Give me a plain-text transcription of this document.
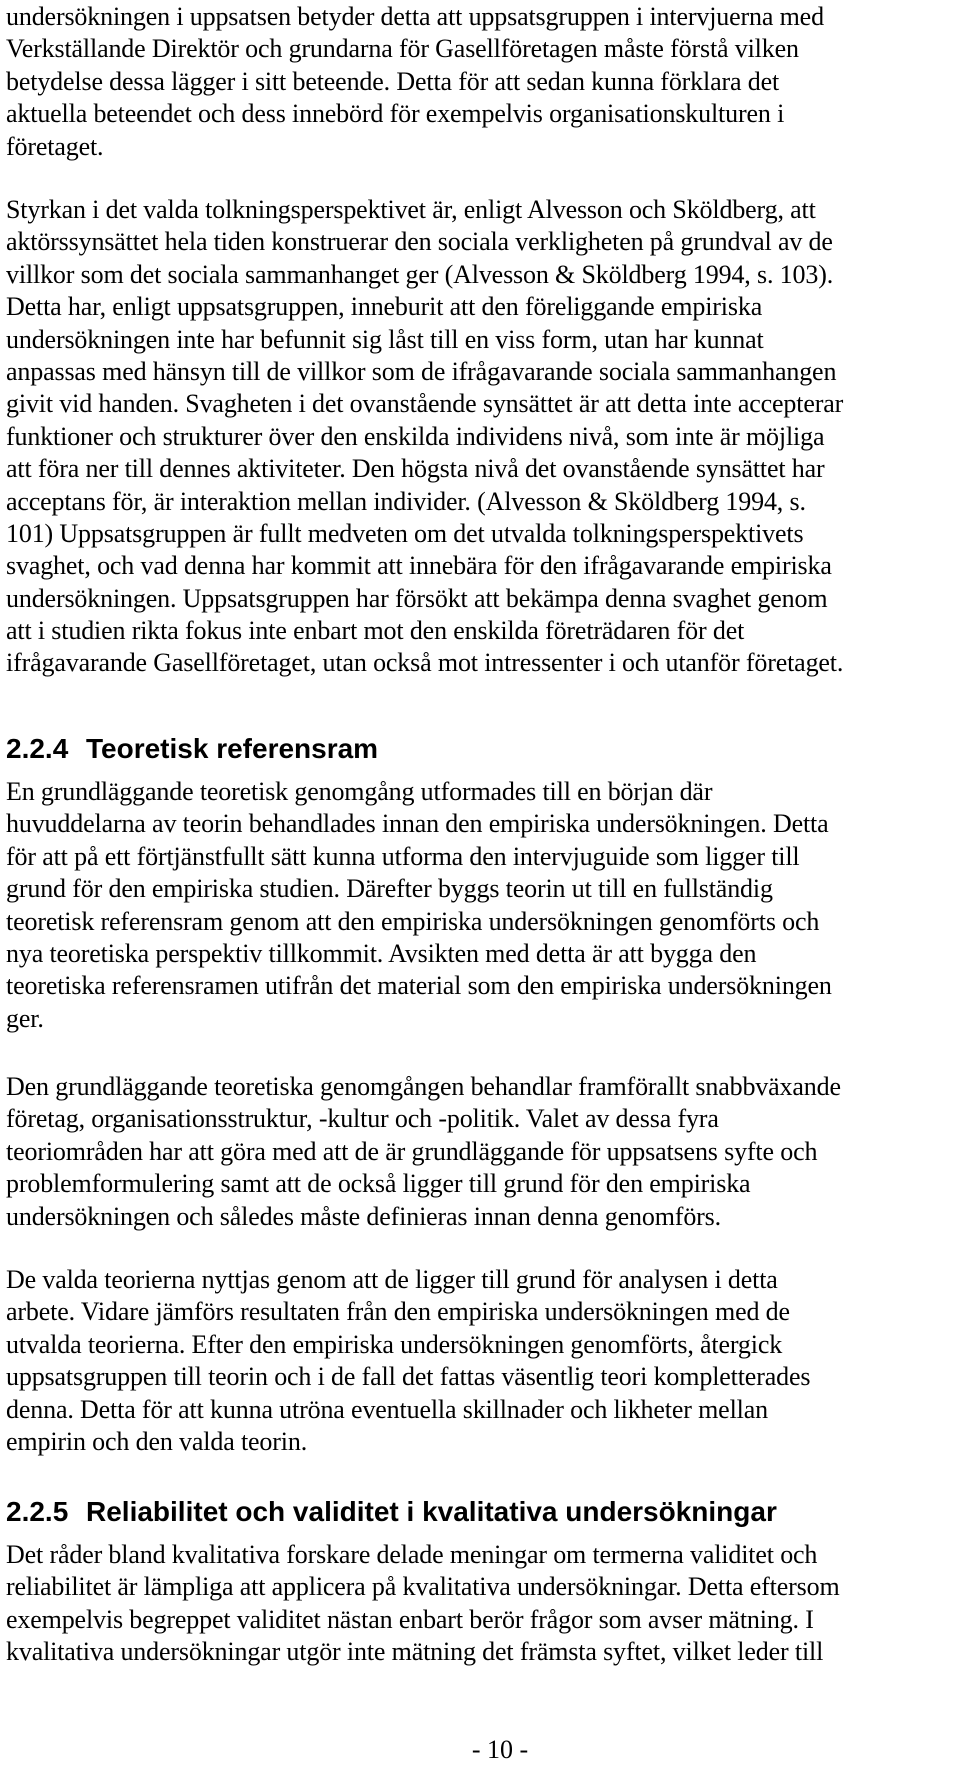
undersökningen i uppsatsen betyder detta att uppsatsgruppen i intervjuerna med
Verkställande Direktör och grundarna för Gasellföretagen måste förstå vilken
betydelse dessa lägger i sitt beteende. Detta för att sedan kunna förklara det
aktuella beteendet och dess innebörd för exempelvis organisationskulturen i
företaget.
Styrkan i det valda tolkningsperspektivet är, enligt Alvesson och Sköldberg, att
aktörssynsättet hela tiden konstruerar den sociala verkligheten på grundval av de
villkor som det sociala sammanhanget ger (Alvesson & Sköldberg 1994, s. 103).
Detta har, enligt uppsatsgruppen, inneburit att den föreliggande empiriska
undersökningen inte har befunnit sig låst till en viss form, utan har kunnat
anpassas med hänsyn till de villkor som de ifrågavarande sociala sammanhangen
givit vid handen. Svagheten i det ovanstående synsättet är att detta inte accepterar
funktioner och strukturer över den enskilda individens nivå, som inte är möjliga
att föra ner till dennes aktiviteter. Den högsta nivå det ovanstående synsättet har
acceptans för, är interaktion mellan individer. (Alvesson & Sköldberg 1994, s.
101) Uppsatsgruppen är fullt medveten om det utvalda tolkningsperspektivets
svaghet, och vad denna har kommit att innebära för den ifrågavarande empiriska
undersökningen. Uppsatsgruppen har försökt att bekämpa denna svaghet genom
att i studien rikta fokus inte enbart mot den enskilda företrädaren för det
ifrågavarande Gasellföretaget, utan också mot intressenter i och utanför företaget.
2.2.4 Teoretisk referensram
En grundläggande teoretisk genomgång utformades till en början där
huvuddelarna av teorin behandlades innan den empiriska undersökningen. Detta
för att på ett förtjänstfullt sätt kunna utforma den intervjuguide som ligger till
grund för den empiriska studien. Därefter byggs teorin ut till en fullständig
teoretisk referensram genom att den empiriska undersökningen genomförts och
nya teoretiska perspektiv tillkommit. Avsikten med detta är att bygga den
teoretiska referensramen utifrån det material som den empiriska undersökningen
ger.
Den grundläggande teoretiska genomgången behandlar framförallt snabbväxande
företag, organisationsstruktur, -kultur och -politik. Valet av dessa fyra
teoriområden har att göra med att de är grundläggande för uppsatsens syfte och
problemformulering samt att de också ligger till grund för den empiriska
undersökningen och således måste definieras innan denna genomförs.
De valda teorierna nyttjas genom att de ligger till grund för analysen i detta
arbete. Vidare jämförs resultaten från den empiriska undersökningen med de
utvalda teorierna. Efter den empiriska undersökningen genomförts, återgick
uppsatsgruppen till teorin och i de fall det fattas väsentlig teori kompletterades
denna. Detta för att kunna utröna eventuella skillnader och likheter mellan
empirin och den valda teorin.
2.2.5 Reliabilitet och validitet i kvalitativa undersökningar
Det råder bland kvalitativa forskare delade meningar om termerna validitet och
reliabilitet är lämpliga att applicera på kvalitativa undersökningar. Detta eftersom
exempelvis begreppet validitet nästan enbart berör frågor som avser mätning. I
kvalitativa undersökningar utgör inte mätning det främsta syftet, vilket leder till
- 10 -
